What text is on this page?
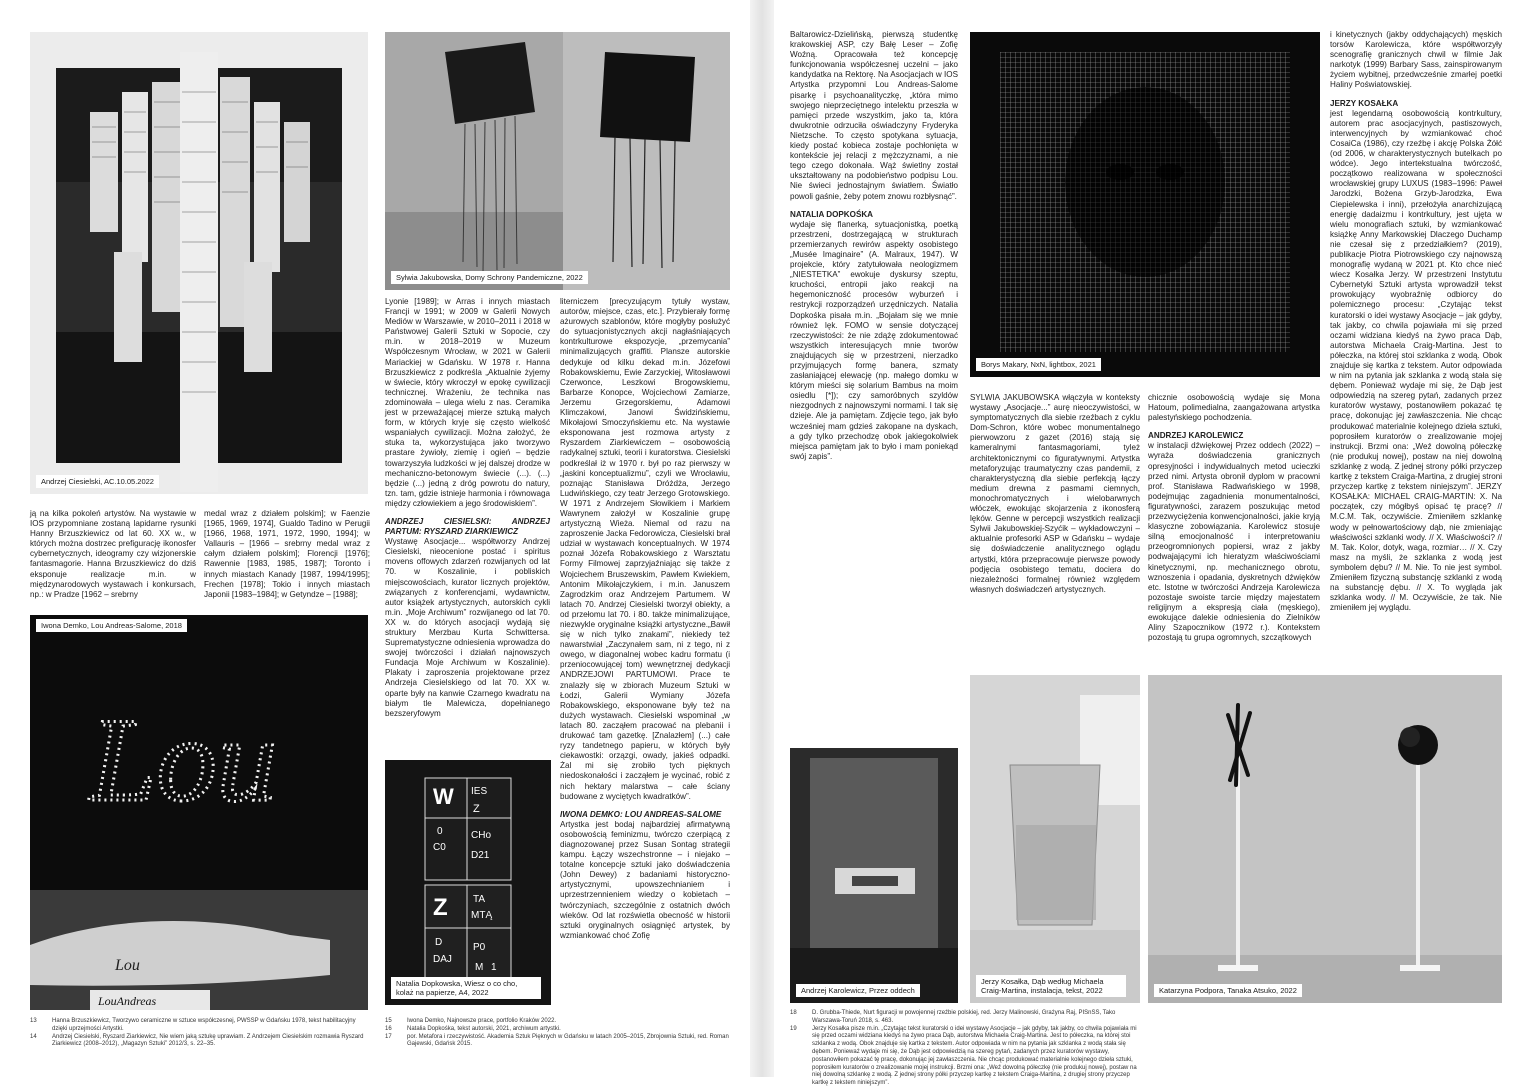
Andrzej Ciesielski, AC.10.05.2022
Sylwia Jakubowska, Domy Schrony Pandemiczne, 2022

ją na kilka pokoleń artystów. Na wystawie w IOS przypomniane zostaną lapidarne rysunki Hanny Brzuszkiewicz od lat 60. XX w., w których można dostrzec prefigurację ikonosfer cybernetycznych, ideogramy czy wizjonerskie fantasmagorie. Hanna Brzuszkiewicz do dziś eksponuje realizacje m.in. w międzynarodowych wystawach i konkursach, np.: w Pradze [1962 – srebrny

medal wraz z działem polskim]; w Faenzie [1965, 1969, 1974], Gualdo Tadino w Perugii [1966, 1968, 1971, 1972, 1990, 1994]; w Vallauris – [1966 – srebrny medal wraz z całym działem polskim]; Florencji [1976]; Rawennie [1983, 1985, 1987]; Toronto i innych miastach Kanady [1987, 1994/1995]; Frechen [1978]; Tokio i innych miastach Japonii [1983–1984]; w Getyndze – [1988];

Lou
Lou
LouAndreas
Iwona Demko, Lou Andreas-Salome, 2018

Lyonie [1989]; w Arras i innych miastach Francji w 1991; w 2009 w Galerii Nowych Mediów w Warszawie, w 2010–2011 i 2018 w Państwowej Galerii Sztuki w Sopocie, czy m.in. w 2018–2019 w Muzeum Współczesnym Wrocław, w 2021 w Galerii Mariackiej w Gdańsku. W 1978 r. Hanna Brzuszkiewicz z podkreśla „Aktualnie żyjemy w świecie, który wkroczył w epokę cywilizacji technicznej. Wrażeniu, że technika nas zdominowała – ulega wielu z nas. Ceramika jest w przeważającej mierze sztuką małych form, w których kryje się często wielkość wspaniałych cywilizacji. Można założyć, że stuka ta, wykorzystująca jako tworzywo prastare żywioły, ziemię i ogień – będzie towarzyszyła ludzkości w jej dalszej drodze w mechaniczno-betonowym świecie (...). (...) będzie (...) jedną z dróg powrotu do natury, tzn. tam, gdzie istnieje harmonia i równowaga między człowiekiem a jego środowiskiem”.

ANDRZEJ CIESIELSKI: ANDRZEJ PARTUM: RYSZARD ZIARKIEWICZ

Wystawę Asocjacje... współtworzy Andrzej Ciesielski, nieocenione postać i spiritus movens offowych zdarzeń rozwijanych od lat 70. w Koszalinie, i pobliskich miejscowościach, kurator licznych projektów, związanych z konferencjami, wydawnictw, autor książek artystycznych, autorskich cykli m.in. „Moje Archiwum” rozwijanego od lat 70. XX w. do których asocjacji wydają się struktury Merzbau Kurta Schwittersa. Suprematystyczne odniesienia wprowadza do swojej twórczości i działań najnowszych Fundacja Moje Archiwum w Koszalinie). Plakaty i zaproszenia projektowane przez Andrzeja Ciesielskiego od lat 70. XX w. oparte były na kanwie Czarnego kwadratu na białym tle Malewicza, dopełnianego bezszeryfowym

W IES
Z
0
C0
CHo
D21
Z	TA
MTĄ
D
DAJ
P0
M 1
Natalia Dopkowska, Wiesz o co cho, kolaż na papierze, A4, 2022

literniczem [precyzującym tytuły wystaw, autorów, miejsce, czas, etc.]. Przybierały formę ażurowych szablonów, które mogłyby posłużyć do sytuacjonistycznych akcji nagłaśniających kontrkulturowe ekspozycje, „przemycania” minimalizujących graffiti. Plansze autorskie dedykuje od kilku dekad m.in. Józefowi Robakowskiemu, Ewie Zarzyckiej, Witosławowi Czerwonce, Leszkowi Brogowskiemu, Barbarze Konopce, Wojciechowi Zamiarze, Jerzemu Grzegorskiemu, Adamowi Klimczakowi, Janowi Świdzińskiemu, Mikołajowi Smoczyńskiemu etc. Na wystawie eksponowana jest rozmowa artysty z Ryszardem Ziarkiewiczem – osobowością radykalnej sztuki, teorii i kuratorstwa. Ciesielski podkreślał iż w 1970 r. był po raz pierwszy w „jaskini konceptualizmu”, czyli we Wrocławiu, poznając Stanisława Dróżdża, Jerzego Ludwińskiego, czy teatr Jerzego Grotowskiego. W 1971 z Andrzejem Słowikiem i Markiem Wawrynem założył w Koszalinie grupę artystyczną Wieża. Niemal od razu na zaproszenie Jacka Fedorowicza, Ciesielski brał udział w wystawach konceptualnych. W 1974 poznał Józefa Robakowskiego z Warsztatu Formy Filmowej zaprzyjaźniając się także z Wojciechem Bruszewskim, Pawłem Kwiekiem, Antonim Mikołajczykiem, i m.in. Januszem Zagrodzkim oraz Andrzejem Partumem. W latach 70. Andrzej Ciesielski tworzył obiekty, a od przełomu lat 70. i 80. także minimalizujące, niezwykle oryginalne książki artystyczne.„Bawił się w nich tylko znakami”, niekiedy też nawarstwiał „Zaczynałem sam, ni z tego, ni z owego, w diagonalnej wobec kadru formatu (i przeniocowującej tom) wewnętrznej dedykacji ANDRZEJOWI PARTUMOWI. Prace te znalazły się w zbiorach Muzeum Sztuki w Łodzi, Galerii Wymiany Józefa Robakowskiego, eksponowane były też na dużych wystawach. Ciesielski wspominał „w latach 80. zacząłem pracować na plebanii i drukować tam gazetkę. [Znalazłem] (...) całe ryzy tandetnego papieru, w których były ciekawostki: orzązgi, owady, jakieś odpadki. Żal mi się zrobiło tych pięknych niedoskonałości i zacząłem je wycinać, robić z nich hektary malarstwa – całe ściany budowane z wyciętych kwadratków”.

IWONA DEMKO: LOU ANDREAS-SALOME

Artystka jest bodaj najbardziej afirmatywną osobowością feminizmu, twórczo czerpiącą z diagnozowanej przez Susan Sontag strategii kampu. Łączy wszechstronne – i niejako – totalne koncepcje sztuki jako doświadczenia (John Dewey) z badaniami historyczno-artystycznymi, upowszechnianiem i uprzestrzennieniem wiedzy o kobietach – twórczyniach, szczególnie z ostatnich dwóch wieków. Od lat rozświetla obecność w historii sztuki oryginalnych osiągnięć artystek, by wzmiankować choć Zofię

13	Hanna Brzuszkiewicz, Tworzywo ceramiczne w sztuce współczesnej, PWSSP w Gdańsku 1978, tekst habilitacyjny dzięki uprzejmości Artystki.
14	Andrzej Ciesielski, Ryszard Ziarkiewicz, Nie wiem jaką sztukę uprawiam. Z Andrzejem Ciesielskim rozmawia Ryszard Ziarkiewicz (2008–2012), „Magazyn Sztuki” 2012/3, s. 22–35.
15	Iwona Demko, Najnowsze prace, portfolio Kraków 2022.
16	Natalia Dopkośka, tekst autorski, 2021, archiwum artystki.
17	por. Metafora i rzeczywistość. Akademia Sztuk Pięknych w Gdańsku w latach 2005–2015, Zbrojownia Sztuki, red. Roman Gajewski, Gdańsk 2015.

Baltarowicz-Dzielińską, pierwszą studentkę krakowskiej ASP, czy Bałę Leser – Zofię Woźną. Opracowała też koncepcję funkcjonowania współczesnej uczelni – jako kandydatka na Rektorę. Na Asocjacjach w IOS Artystka przypomni Lou Andreas-Salome pisarkę i psychoanalityczkę, „która mimo swojego nieprzeciętnego intelektu przeszła w pamięci przede wszystkim, jako ta, która dwukrotnie odrzuciła oświadczyny Fryderyka Nietzsche. To często spotykana sytuacja, kiedy postać kobieca zostaje pochłonięta w kontekście jej relacji z mężczyznami, a nie tego czego dokonała. Wąż świetlny został ukształtowany na podobieństwo podpisu Lou. Nie świeci jednostajnym światłem. Światło powoli gaśnie, żeby potem znowu rozbłysnąć”.

NATALIA DOPKOŚKA

wydaje się flanerką, sytuacjonistką, poetką przestrzeni, dostrzegającą w strukturach przemierzanych rewirów aspekty osobistego „Musée Imaginaire” (A. Malraux, 1947). W projekcie, który zatytułowała neologizmem „NIESTETKA” ewokuje dyskursy szeptu, kruchości, entropii jako reakcji na hegemoniczność procesów wyburzeń i restrykcji rozporządzeń urzędniczych. Natalia Dopkośka pisała m.in. „Bojałam się we mnie również lęk. FOMO w sensie dotyczącej rzeczywistości: że nie zdążę zdokumentować wszystkich interesujących mnie tworów znajdujących się w przestrzeni, nierzadko przyjmujących formę banera, szmaty zasłaniającej elewację (np. małego domku w którym mieści się solarium Bambus na moim osiedlu [*]); czy samoróbnych szyldów niezgodnych z najnowszymi normami. I tak się dzieje. Ale ja pamiętam. Zdjęcie tego, jak było wcześniej mam gdzieś zakopane na dyskach, a gdy tylko przechodzę obok jakiegokolwiek miejsca pamiętam jak to było i mam poniekąd swój zapis”.

Borys Makary, NxN, lightbox, 2021

SYLWIA JAKUBOWSKA włączyła w konteksty wystawy „Asocjacje...” aurę nieoczywistości, w symptomatycznych dla siebie rzeźbach z cyklu Dom-Schron, które wobec monumentalnego pierwowzoru z gazet (2016) stają się kameralnymi fantasmagoriami, tyleż architektonicznymi co figuratywnymi. Artystka metaforyzując traumatyczny czas pandemii, z charakterystyczną dla siebie perfekcją łączy medium drewna z pasmami ciemnych, monochromatycznych i wielobarwnych włóczek, ewokując skojarzenia z ikonosferą lęków. Genne w percepcji wszystkich realizacji Sylwii Jakubowskiej-Szyćik – wykładowczyni – aktualnie profesorki ASP w Gdańsku – wydaje się doświadczenie analitycznego oglądu artystki, która przepracowuje pierwsze powody podjęcia osobistego tematu, dociera do niezależności formalnej również względem własnych doświadczeń artystycznych.

chicznie osobowością wydaje się Mona Hatoum, polimedialna, zaangażowana artystka palestyńskiego pochodzenia.

ANDRZEJ KAROLEWICZ

w instalacji dźwiękowej Przez oddech (2022) – wyraża doświadczenia granicznych opresyjności i indywidualnych metod ucieczki przed nimi. Artysta obronił dyplom w pracowni prof. Stanisława Radwańskiego w 1998, podejmując zagadnienia monumentalności, figuratywności, zarazem poszukując metod przezwyciężenia konwencjonalności, jakie kryją klasyczne zobowiązania. Karolewicz stosuje silną emocjonalność i interpretowaniu przeogromnionych popiersi, wraz z jakby podwajającymi ich hieratyzm właściwościami kinetycznymi, np. mechanicznego obrotu, wznoszenia i opadania, dyskretnych dźwięków etc. Istotne w twórczości Andrzeja Karolewicza pozostaje swoiste tarcie między majestatem religijnym a ekspresją ciała (męskiego), ewokujące dalekie odniesienia do Zielników Aliny Szapocznikow (1972 r.). Kontekstem pozostają tu grupa ogromnych, szczątkowych

i kinetycznych (jakby oddychających) męskich torsów Karolewicza, które współtworzyły scenografię granicznych chwil w filmie Jak narkotyk (1999) Barbary Sass, zainspirowanym życiem wybitnej, przedwcześnie zmarłej poetki Haliny Poświatowskiej.

JERZY KOSAŁKA

jest legendarną osobowością kontrkultury, autorem prac asocjacyjnych, pastiszowych, interwencyjnych by wzmiankować choć CosaiCa (1986), czy rzeźbę i akcję Polska Żółć (od 2006, w charakterystycznych butelkach po wódce). Jego intertekstualna twórczość, początkowo realizowana w społeczności wrocławskiej grupy LUXUS (1983–1996: Paweł Jarodzki, Bożena Grzyb-Jarodzka, Ewa Ciepielewska i inni), przełożyła anarchizującą energię dadaizmu i kontrkultury, jest ujęta w wielu monografiach sztuki, by wzmiankować książkę Anny Markowskiej Dlaczego Duchamp nie czesał się z przedziałkiem? (2019), publikacje Piotra Piotrowskiego czy najnowszą monografię wydaną w 2021 pt. Kto chce nieć wiecz Kosałka Jerzy. W przestrzeni Instytutu Cybernetyki Sztuki artysta wprowadził tekst prowokujący wyobraźnię odbiorcy do polemicznego procesu: „Czytając tekst kuratorski o idei wystawy Asocjacje – jak gdyby, tak jakby, co chwila pojawiała mi się przed oczami widziana kiedyś na żywo praca Dąb, autorstwa Michaela Craig-Martina. Jest to półeczka, na której stoi szklanka z wodą. Obok znajduje się kartka z tekstem. Autor odpowiada w nim na pytania jak szklanka z wodą stała się dębem. Ponieważ wydaje mi się, że Dąb jest odpowiedzią na szereg pytań, zadanych przez kuratorów wystawy, postanowiłem pokazać tę pracę, dokonując jej zawłaszczenia. Nie chcąc produkować materialnie kolejnego dzieła sztuki, poprosiłem kuratorów o zrealizowanie mojej instrukcji. Brzmi ona: „Weź dowolną półeczkę (nie produkuj nowej), postaw na niej dowolną szklankę z wodą. Z jednej strony półki przyczep kartkę z tekstem Craiga-Martina, z drugiej stroni przyczep kartkę z tekstem niniejszym”. JERZY KOSAŁKA: MICHAEL CRAIG-MARTIN: X. Na początek, czy mógłbyś opisać tę pracę? // M.C.M. Tak, oczywiście. Zmieniłem szklankę wody w pełnowartościowy dąb, nie zmieniając właściwości szklanki wody. // X. Właściwości? // M. Tak. Kolor, dotyk, waga, rozmiar… // X. Czy masz na myśli, że szklanka z wodą jest symbolem dębu? // M. Nie. To nie jest symbol. Zmieniłem fizyczną substancję szklanki z wodą na substancję dębu. // X. To wygląda jak szklanka wody. // M. Oczywiście, że tak. Nie zmieniłem jej wyglądu.

Andrzej Karolewicz, Przez oddech
Jerzy Kosałka, Dąb według Michaela Craig-Martina, instalacja, tekst, 2022	Katarzyna Podpora, Tanaka Atsuko, 2022
18	D. Grubba-Thiede, Nurt figuracji w powojennej rzeźbie polskiej, red. Jerzy Malinowski, Grażyna Raj, PISnSS, Tako Warszawa-Toruń 2018, s. 463.
19	Jerzy Kosałka pisze m.in. „Czytając tekst kuratorski o idei wystawy Asocjacje – jak gdyby, tak jakby, co chwila pojawiała mi się przed oczami widziana kiedyś na żywo praca Dąb, autorstwa Michaela Craig-Martina. Jest to półeczka, na której stoi szklanka z wodą. Obok znajduje się kartka z tekstem. Autor odpowiada w nim na pytania jak szklanka z wodą stała się dębem. Ponieważ wydaje mi się, że Dąb jest odpowiedzią na szereg pytań, zadanych przez kuratorów wystawy, postanowiłem pokazać tę pracę, dokonując jej zawłaszczenia. Nie chcąc produkować materialnie kolejnego dzieła sztuki, poprosiłem kuratorów o zrealizowanie mojej instrukcji. Brzmi ona: „Weź dowolną półeczkę (nie produkuj nowej), postaw na niej dowolną szklankę z wodą. Z jednej strony półki przyczep kartkę z tekstem Craiga-Martina, z drugiej strony przyczep kartkę z tekstem niniejszym”.
